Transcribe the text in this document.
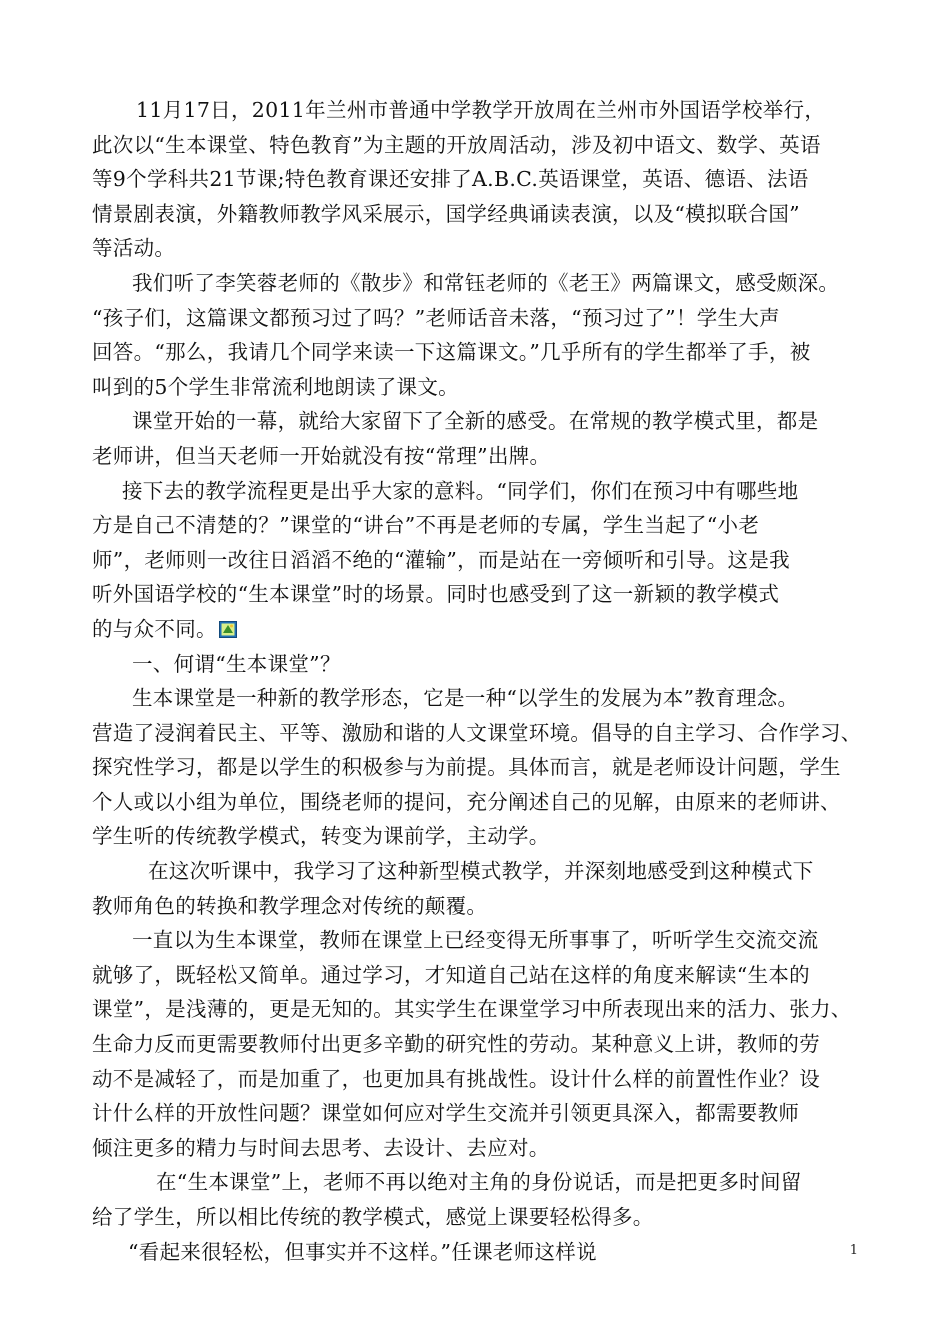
11月17日，2011年兰州市普通中学教学开放周在兰州市外国语学校举行，
此次以“生本课堂、特色教育”为主题的开放周活动，涉及初中语文、数学、英语
等9个学科共21节课;特色教育课还安排了A.B.C.英语课堂，英语、德语、法语
情景剧表演，外籍教师教学风采展示，国学经典诵读表演，以及“模拟联合国”
等活动。
我们听了李笑蓉老师的《散步》和常钰老师的《老王》两篇课文，感受颇深。
“孩子们，这篇课文都预习过了吗？”老师话音未落，“预习过了”！学生大声
回答。“那么，我请几个同学来读一下这篇课文。”几乎所有的学生都举了手，被
叫到的5个学生非常流利地朗读了课文。
课堂开始的一幕，就给大家留下了全新的感受。在常规的教学模式里，都是
老师讲，但当天老师一开始就没有按“常理”出牌。
接下去的教学流程更是出乎大家的意料。“同学们，你们在预习中有哪些地
方是自己不清楚的？”课堂的“讲台”不再是老师的专属，学生当起了“小老
师”，老师则一改往日滔滔不绝的“灌输”，而是站在一旁倾听和引导。这是我
听外国语学校的“生本课堂”时的场景。同时也感受到了这一新颖的教学模式
的与众不同。
一、何谓“生本课堂”？
生本课堂是一种新的教学形态，它是一种“以学生的发展为本”教育理念。
营造了浸润着民主、平等、激励和谐的人文课堂环境。倡导的自主学习、合作学习、
探究性学习，都是以学生的积极参与为前提。具体而言，就是老师设计问题，学生
个人或以小组为单位，围绕老师的提问，充分阐述自己的见解，由原来的老师讲、
学生听的传统教学模式，转变为课前学，主动学。
在这次听课中，我学习了这种新型模式教学，并深刻地感受到这种模式下
教师角色的转换和教学理念对传统的颠覆。
一直以为生本课堂，教师在课堂上已经变得无所事事了，听听学生交流交流
就够了，既轻松又简单。通过学习，才知道自己站在这样的角度来解读“生本的
课堂”，是浅薄的，更是无知的。其实学生在课堂学习中所表现出来的活力、张力、
生命力反而更需要教师付出更多辛勤的研究性的劳动。某种意义上讲，教师的劳
动不是减轻了，而是加重了，也更加具有挑战性。设计什么样的前置性作业？设
计什么样的开放性问题？课堂如何应对学生交流并引领更具深入，都需要教师
倾注更多的精力与时间去思考、去设计、去应对。
在“生本课堂”上，老师不再以绝对主角的身份说话，而是把更多时间留
给了学生，所以相比传统的教学模式，感觉上课要轻松得多。
“看起来很轻松，但事实并不这样。”任课老师这样说	1
